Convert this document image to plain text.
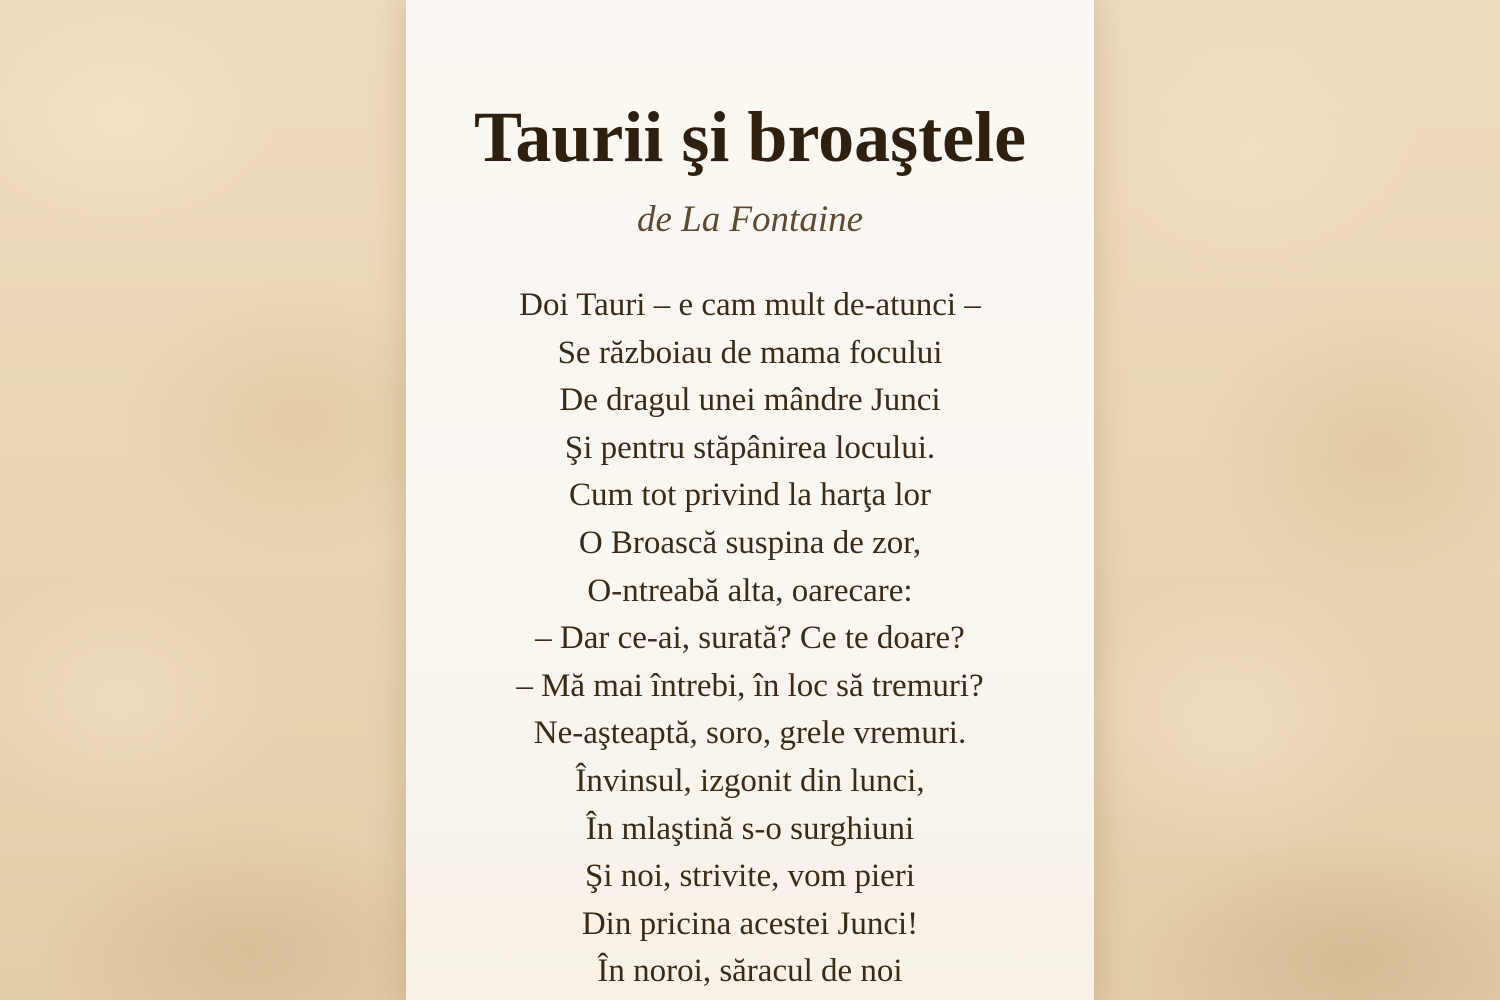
Taurii şi broaştele
de La Fontaine
Doi Tauri – e cam mult de-atunci –
Se războiau de mama focului
De dragul unei mândre Junci
Şi pentru stăpânirea locului.
Cum tot privind la harţa lor
O Broască suspina de zor,
O-ntreabă alta, oarecare:
– Dar ce-ai, surată? Ce te doare?
– Mă mai întrebi, în loc să tremuri?
Ne-aşteaptă, soro, grele vremuri.
Învinsul, izgonit din lunci,
În mlaştină s-o surghiuni
Şi noi, strivite, vom pieri
Din pricina acestei Junci!
În noroi, săracul de noi
